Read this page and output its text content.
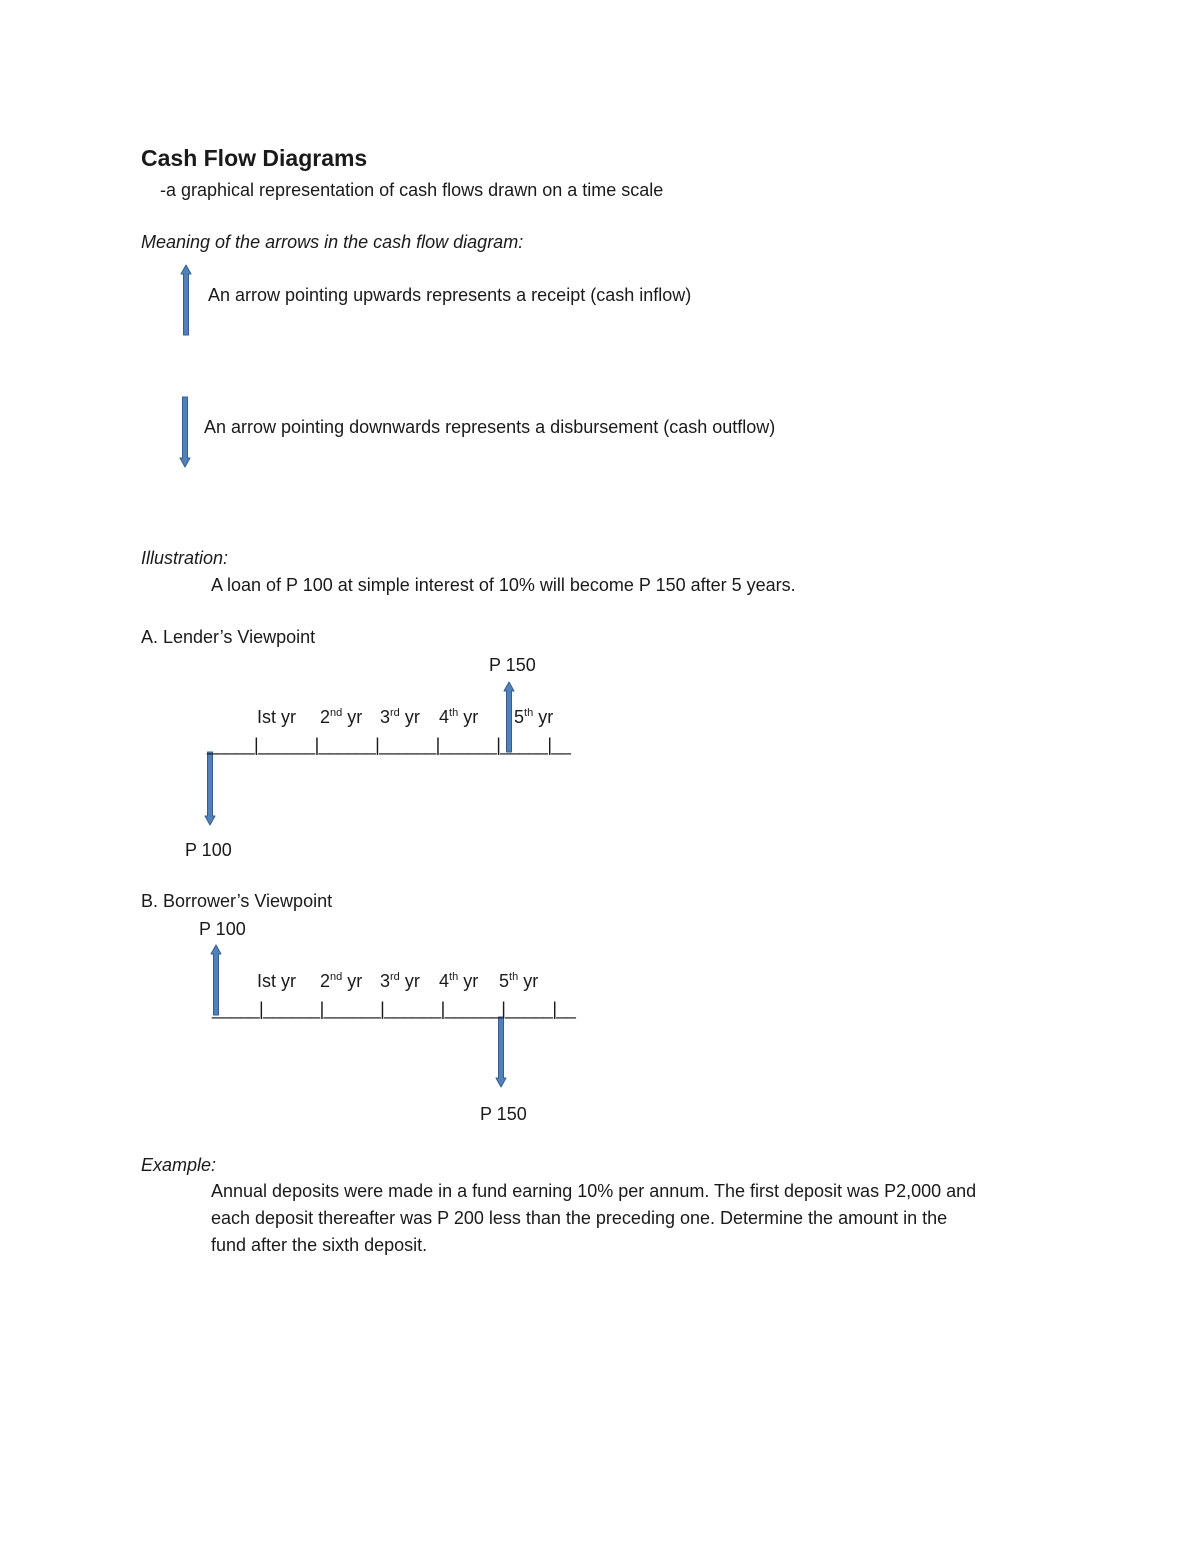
Cash Flow Diagrams
-a graphical representation of cash flows drawn on a time scale
Meaning of the arrows in the cash flow diagram:
An arrow pointing upwards represents a receipt (cash inflow)
An arrow pointing downwards represents a disbursement (cash outflow)
Illustration:
A loan of P 100 at simple interest of 10% will become P 150 after 5 years.
A. Lender’s Viewpoint
P 150
Ist yr 2nd yr 3rd yr 4th yr 5th yr
_____|______|______|______|______|_____|__
P 100
B. Borrower’s Viewpoint
P 100
Ist yr 2nd yr 3rd yr 4th yr 5th yr
_____|______|______|______|______|_____|__
P 150
Example:
Annual deposits were made in a fund earning 10% per annum. The first deposit was P2,000 and
each deposit thereafter was P 200 less than the preceding one. Determine the amount in the
fund after the sixth deposit.
